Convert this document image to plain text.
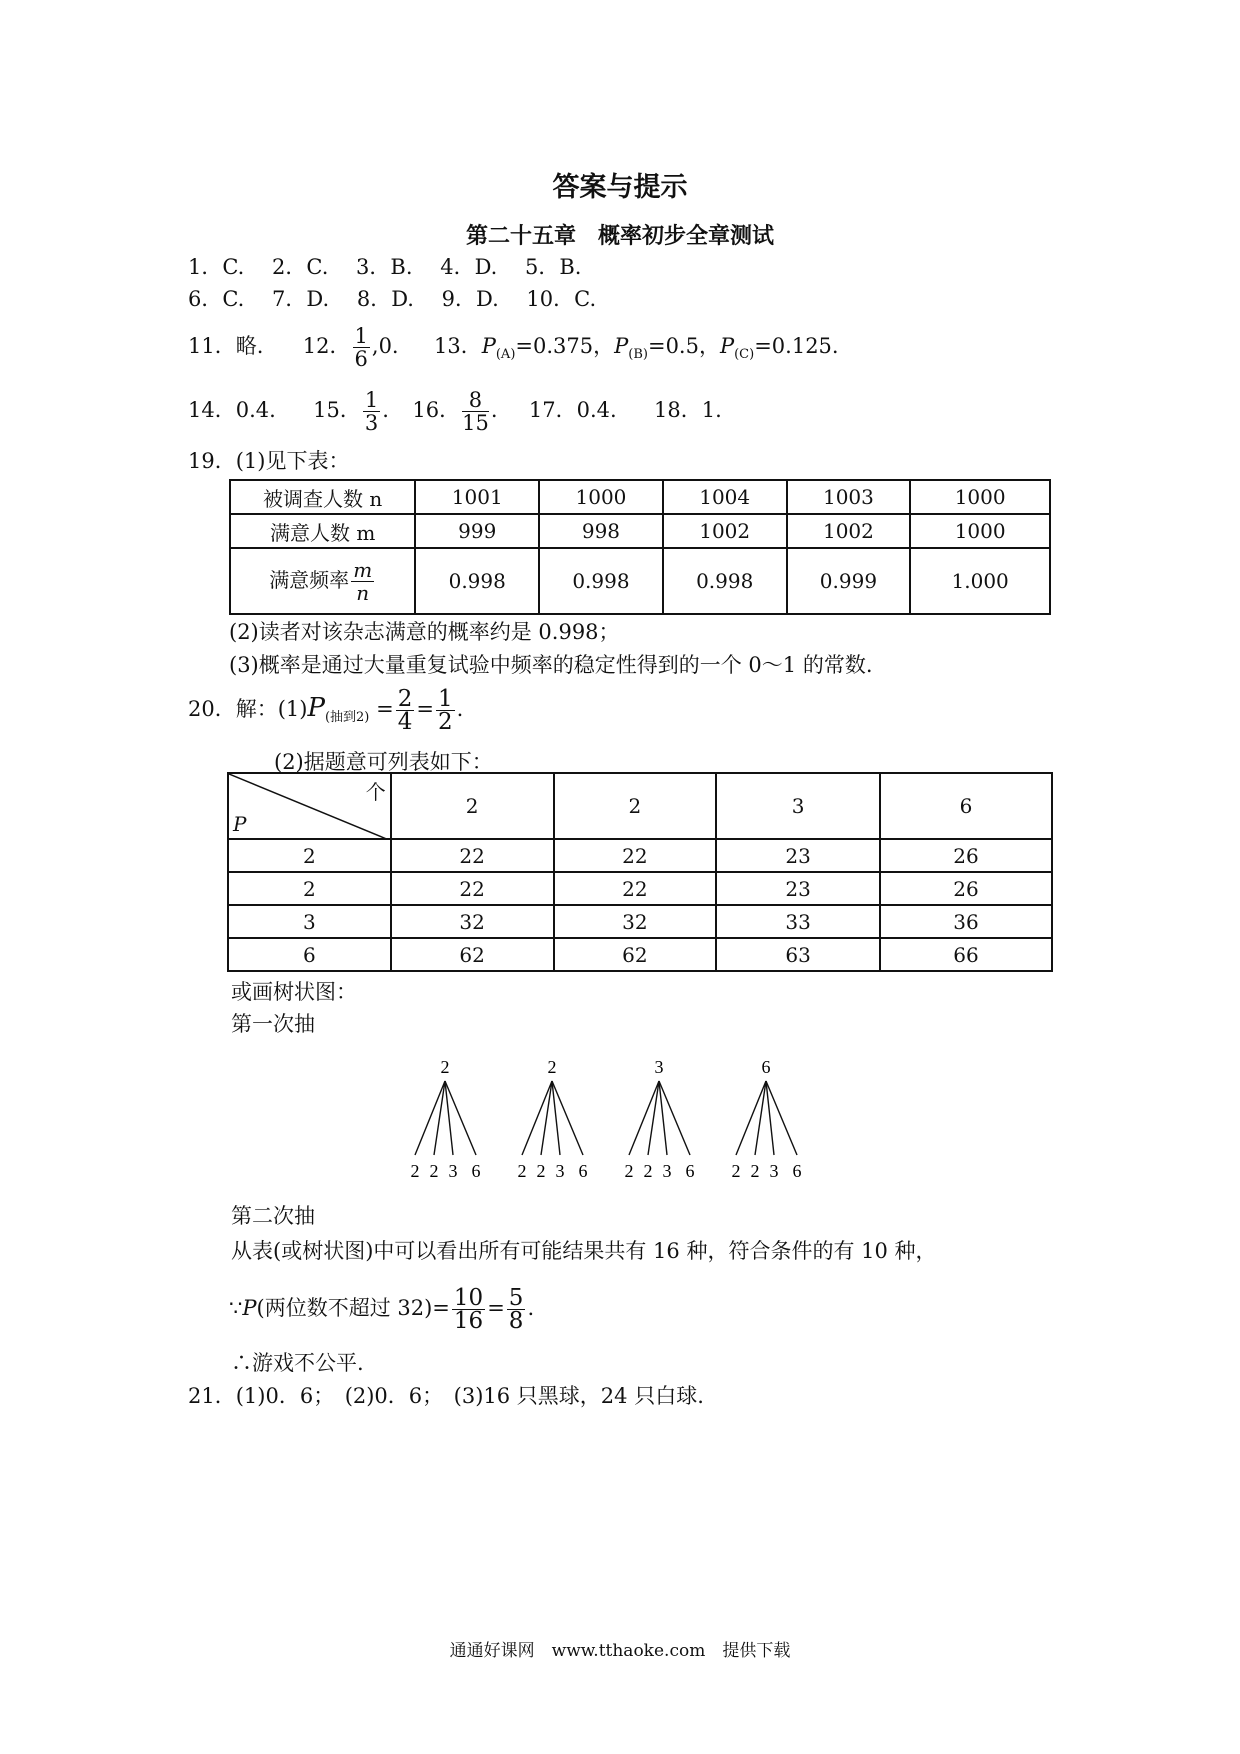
答案与提示
第二十五章　概率初步全章测试
1．C.　 2．C.　 3．B.　 4．D.　 5．B.
6．C.　 7．D.　 8．D.　 9．D.　 10．C.
11．略. 12． $\frac{1}{6} ,0$. 13．$P_{(A)}=0.375$，$P_{(B)}=0.5$，$P_{(C)}=0.125$.
14．0.4. 15． $\frac{1}{3}$ . 16． $\frac{8}{15}$ . 17．0.4. 18．1.
19．(1)见下表：
被调查人数 n	1001	1000	1004	1003	1000
满意人数 m	999	998	1002	1002	1000
满意频率 $\frac{m}{n}$	0.998	0.998	0.998	0.999	1.000
(2)读者对该杂志满意的概率约是 0.998；
(3)概率是通过大量重复试验中频率的稳定性得到的一个 0～1 的常数.
20．解：$(1)P_{(抽到2)} = \frac{2}{4} = \frac{1}{2}$ .
(2)据题意可列表如下：
个
P	2	2	3	6
2	22	22	23	26
2	22	22	23	26
3	32	32	33	36
6	62	62	63	66
或画树状图：
第一次抽
2
2 2 3 6
2
2 2 3 6
3
2 2 3 6
6
2 2 3 6
第二次抽
从表(或树状图)中可以看出所有可能结果共有 16 种，符合条件的有 10 种，
∵P(两位数不超过 $32)= \frac{10}{16} = \frac{5}{8}$ .
∴游戏不公平.
21．(1)0．6；　(2)0．6；　(3)16 只黑球，24 只白球.
通通好课网　www.tthaoke.com　提供下载
